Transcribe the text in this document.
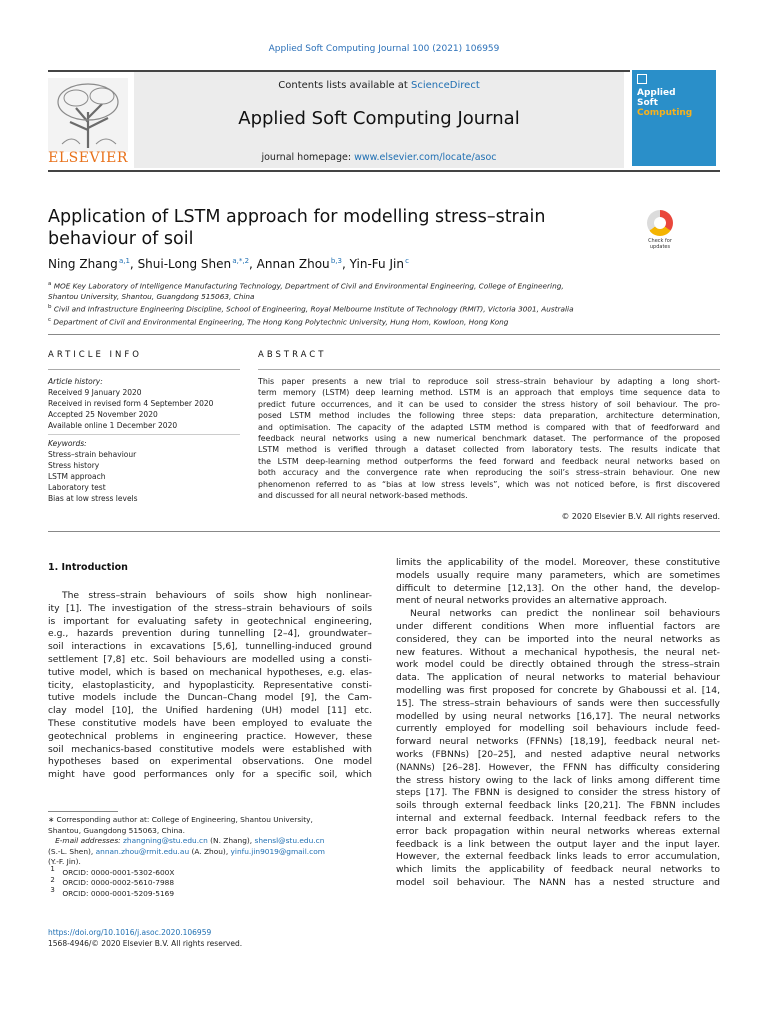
Applied Soft Computing Journal 100 (2021) 106959
ELSEVIER
Contents lists available at ScienceDirect
Applied Soft Computing Journal
journal homepage: www.elsevier.com/locate/asoc
Applied
Soft
Computing
Application of LSTM approach for modelling stress–strain behaviour of soil	Check for
updates
Ning Zhang $^{a,1}$, Shui-Long Shen $^{a,*,2}$, Annan Zhou $^{b,3}$, Yin-Fu Jin $^c$
$^a$ MOE Key Laboratory of Intelligence Manufacturing Technology, Department of Civil and Environmental Engineering, College of Engineering,
Shantou University, Shantou, Guangdong 515063, China
$^b$ Civil and Infrastructure Engineering Discipline, School of Engineering, Royal Melbourne Institute of Technology (RMIT), Victoria 3001, Australia
$^c$ Department of Civil and Environmental Engineering, The Hong Kong Polytechnic University, Hung Hom, Kowloon, Hong Kong
ARTICLE INFO	ABSTRACT
Article history:
Received 9 January 2020
Received in revised form 4 September 2020
Accepted 25 November 2020
Available online 1 December 2020
Keywords:
Stress–strain behaviour
Stress history
LSTM approach
Laboratory test
Bias at low stress levels
This paper presents a new trial to reproduce soil stress–strain behaviour by adapting a long short-
term memory (LSTM) deep learning method. LSTM is an approach that employs time sequence data to
predict future occurrences, and it can be used to consider the stress history of soil behaviour. The pro-
posed LSTM method includes the following three steps: data preparation, architecture determination,
and optimisation. The capacity of the adapted LSTM method is compared with that of feedforward and
feedback neural networks using a new numerical benchmark dataset. The performance of the proposed
LSTM method is verified through a dataset collected from laboratory tests. The results indicate that
the LSTM deep-learning method outperforms the feed forward and feedback neural networks based on
both accuracy and the convergence rate when reproducing the soil’s stress–strain behaviour. One new
phenomenon referred to as “bias at low stress levels”, which was not noticed before, is first discovered
and discussed for all neural network-based methods.
© 2020 Elsevier B.V. All rights reserved.
1. Introduction
The stress–strain behaviours of soils show high nonlinear-
ity [1]. The investigation of the stress–strain behaviours of soils
is important for evaluating safety in geotechnical engineering,
e.g., hazards prevention during tunnelling [2–4], groundwater–
soil interactions in excavations [5,6], tunnelling-induced ground
settlement [7,8] etc. Soil behaviours are modelled using a consti-
tutive model, which is based on mechanical hypotheses, e.g. elas-
ticity, elastoplasticity, and hypoplasticity. Representative consti-
tutive models include the Duncan–Chang model [9], the Cam-
clay model [10], the Unified hardening (UH) model [11] etc.
These constitutive models have been employed to evaluate the
geotechnical problems in engineering practice. However, these
soil mechanics-based constitutive models were established with
hypotheses based on experimental observations. One model
might have good performances only for a specific soil, which
limits the applicability of the model. Moreover, these constitutive
models usually require many parameters, which are sometimes
difficult to determine [12,13]. On the other hand, the develop-
ment of neural networks provides an alternative approach.
Neural networks can predict the nonlinear soil behaviours
under different conditions When more influential factors are
considered, they can be imported into the neural networks as
new features. Without a mechanical hypothesis, the neural net-
work model could be directly obtained through the stress–strain
data. The application of neural networks to material behaviour
modelling was first proposed for concrete by Ghaboussi et al. [14,
15]. The stress–strain behaviours of sands were then successfully
modelled by using neural networks [16,17]. The neural networks
currently employed for modelling soil behaviours include feed-
forward neural networks (FFNNs) [18,19], feedback neural net-
works (FBNNs) [20–25], and nested adaptive neural networks
(NANNs) [26–28]. However, the FFNN has difficulty considering
the stress history owing to the lack of links among different time
steps [17]. The FBNN is designed to consider the stress history of
soils through external feedback links [20,21]. The FBNN includes
internal and external feedback. Internal feedback refers to the
error back propagation within neural networks whereas external
feedback is a link between the output layer and the input layer.
However, the external feedback links leads to error accumulation,
which limits the applicability of feedback neural networks to
model soil behaviour. The NANN has a nested structure and
∗ Corresponding author at: College of Engineering, Shantou University,
Shantou, Guangdong 515063, China.
E-mail addresses: zhangning@stu.edu.cn (N. Zhang), shensl@stu.edu.cn
(S.-L. Shen), annan.zhou@rmit.edu.au (A. Zhou), yinfu.jin9019@gmail.com
(Y.-F. Jin).
1 ORCID: 0000-0001-5302-600X
2 ORCID: 0000-0002-5610-7988
3 ORCID: 0000-0001-5209-5169
https://doi.org/10.1016/j.asoc.2020.106959
1568-4946/© 2020 Elsevier B.V. All rights reserved.
